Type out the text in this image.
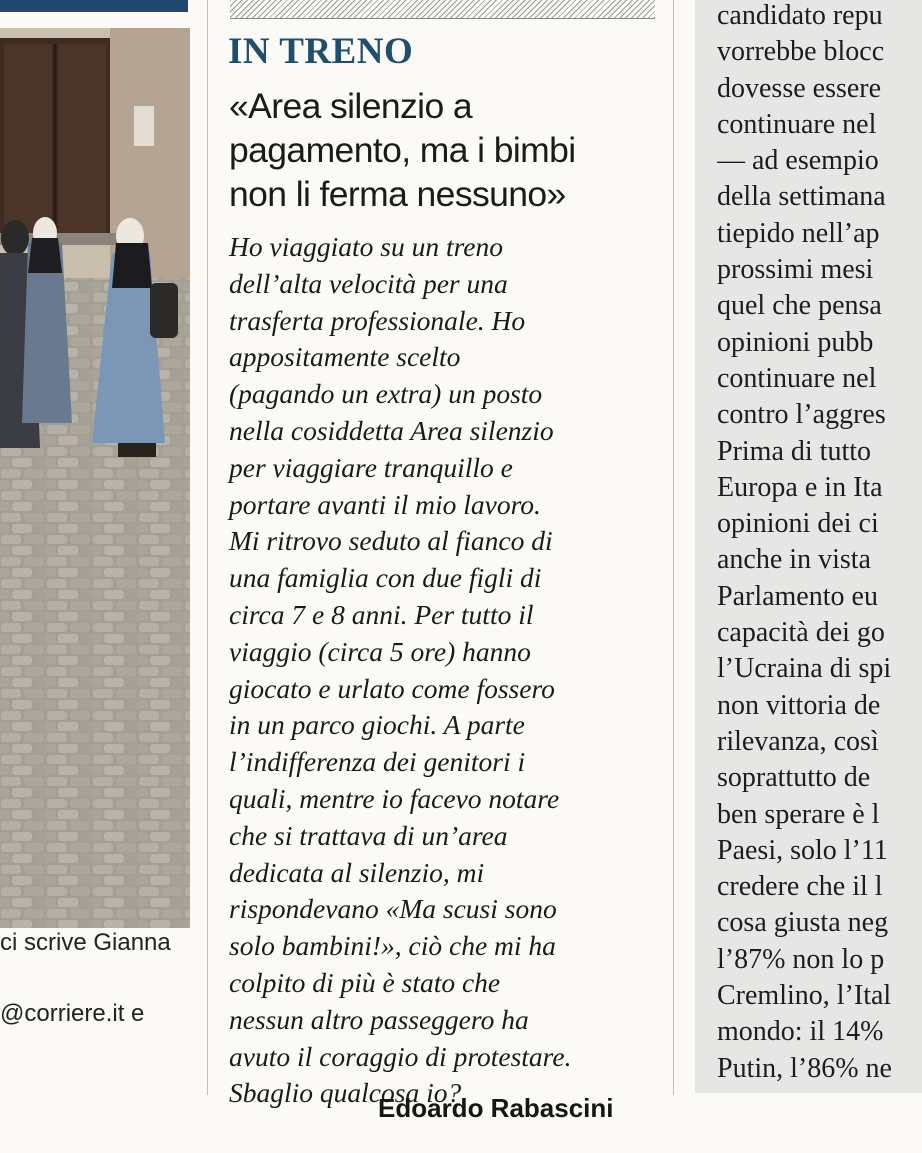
ci scrive Gianna
@corriere.it e
IN TRENO
«Area silenzio a
pagamento, ma i bimbi
non li ferma nessuno»
Ho viaggiato su un treno
dell’alta velocità per una
trasferta professionale. Ho
appositamente scelto
(pagando un extra) un posto
nella cosiddetta Area silenzio
per viaggiare tranquillo e
portare avanti il mio lavoro.
Mi ritrovo seduto al fianco di
una famiglia con due figli di
circa 7 e 8 anni. Per tutto il
viaggio (circa 5 ore) hanno
giocato e urlato come fossero
in un parco giochi. A parte
l’indifferenza dei genitori i
quali, mentre io facevo notare
che si trattava di un’area
dedicata al silenzio, mi
rispondevano «Ma scusi sono
solo bambini!», ciò che mi ha
colpito di più è stato che
nessun altro passeggero ha
avuto il coraggio di protestare.
Sbaglio qualcosa io?
Edoardo Rabascini
candidato repu
vorrebbe blocc
dovesse essere
continuare nel
— ad esempio
della settimana
tiepido nell’ap
prossimi mesi
quel che pensa
opinioni pubb
continuare nel
contro l’aggres
Prima di tutto
Europa e in Ita
opinioni dei ci
anche in vista
Parlamento eu
capacità dei go
l’Ucraina di spi
non vittoria de
rilevanza, così
soprattutto de
ben sperare è l
Paesi, solo l’11
credere che il l
cosa giusta neg
l’87% non lo p
Cremlino, l’Ital
mondo: il 14%
Putin, l’86% ne
